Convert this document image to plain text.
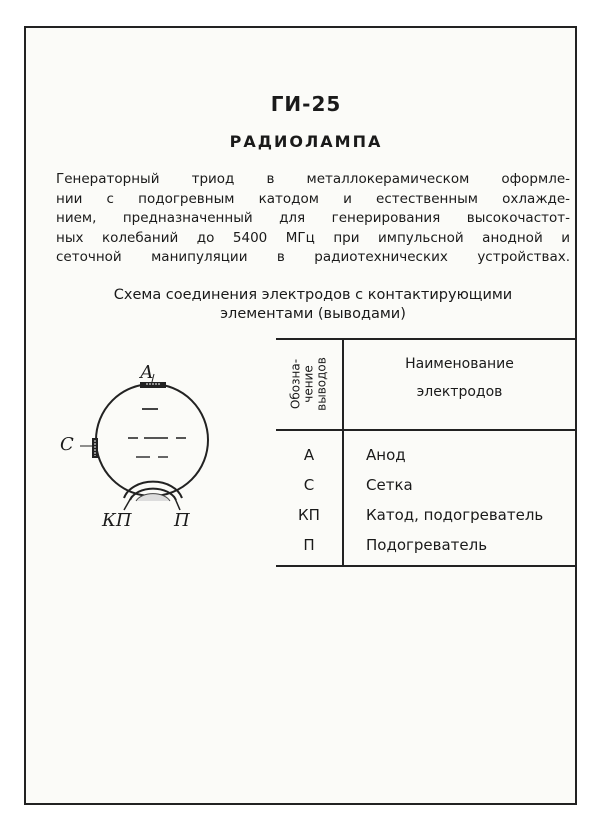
ГИ-25
РАДИОЛАМПА
Генераторный триод в металлокерамическом оформле-
нии с подогревным катодом и естественным охлажде-
нием, предназначенный для генерирования высокочастот-
ных колебаний до 5400 МГц при импульсной анодной и
сеточной манипуляции в радиотехнических устройствах.
Схема соединения электродов с контактирующими
элементами (выводами)
А
С
КП П
Обозна- чение выводов	Наименование
электродов
А	Анод
С	Сетка
КП	Катод, подогреватель
П	Подогреватель
